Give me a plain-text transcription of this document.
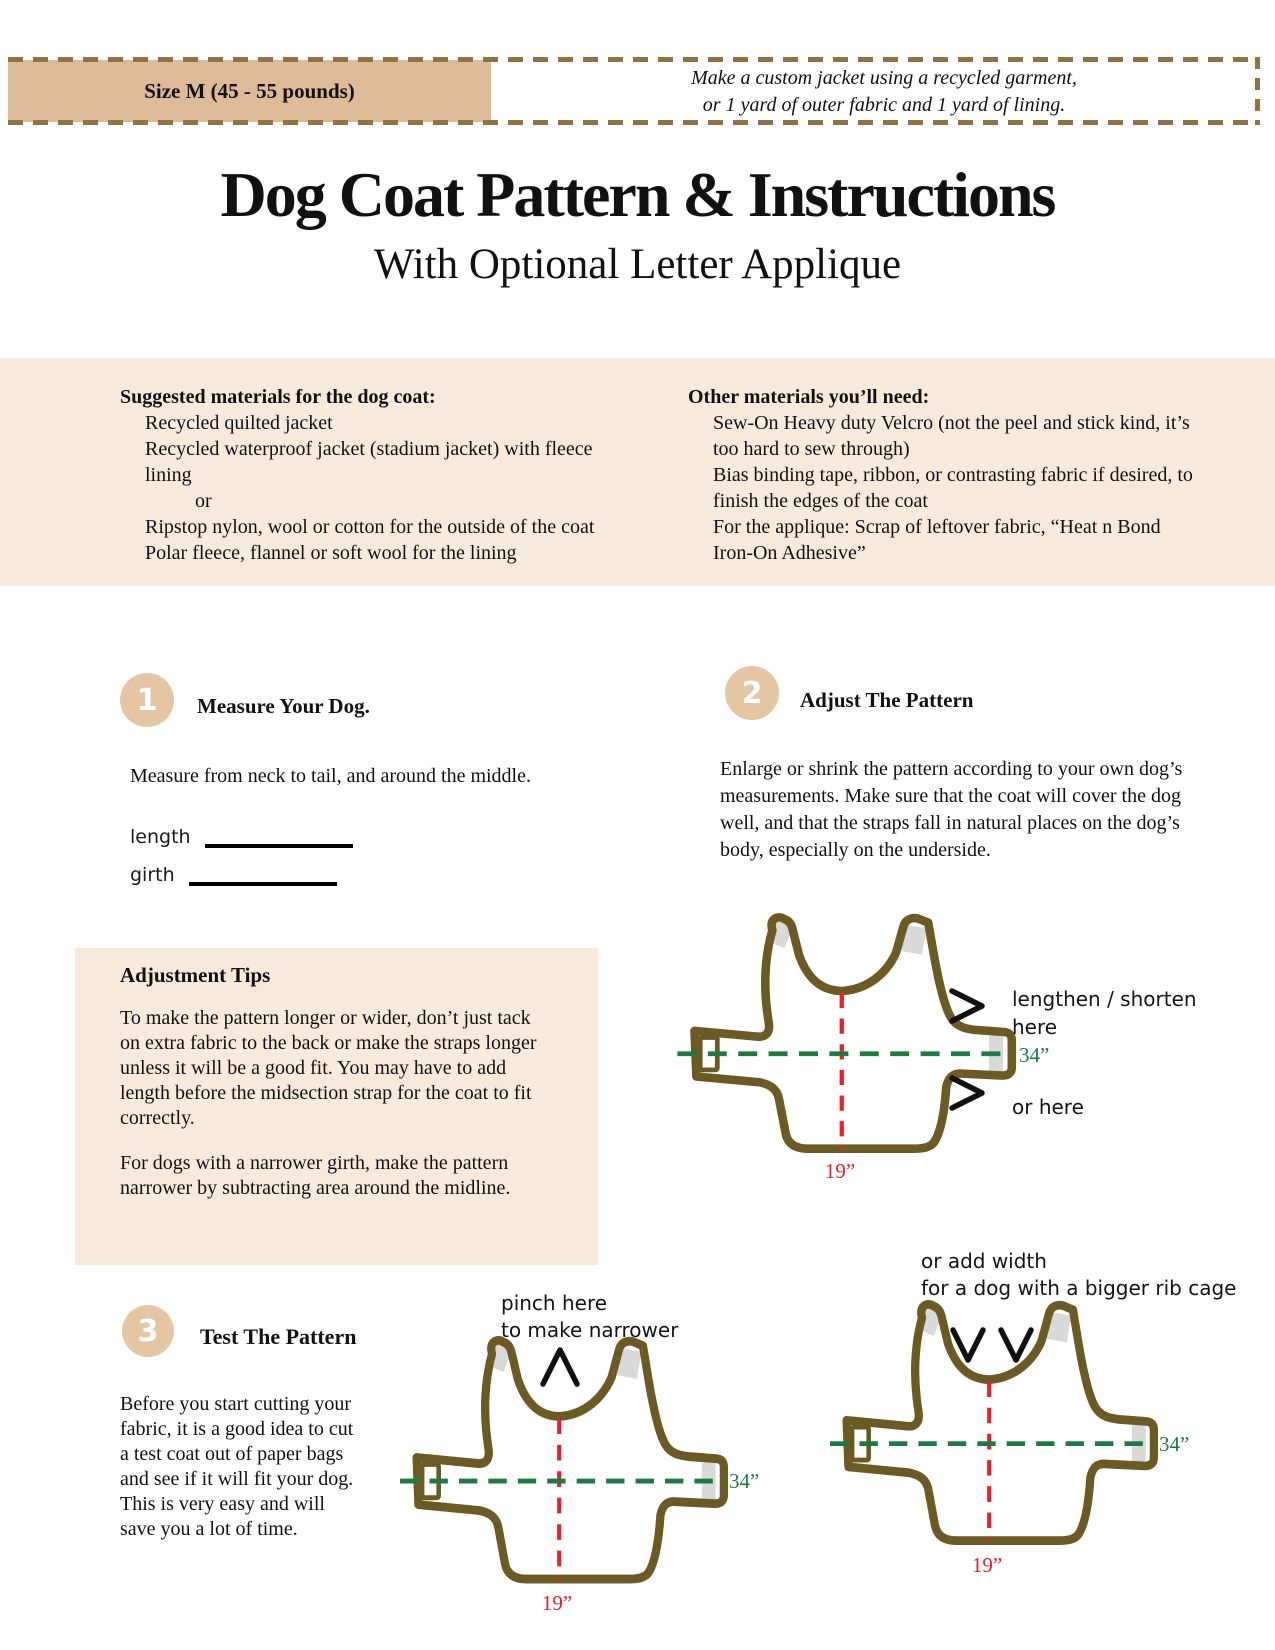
Size M (45 - 55 pounds)
Make a custom jacket using a recycled garment,
or 1 yard of outer fabric and 1 yard of lining.
Dog Coat Pattern & Instructions
With Optional Letter Applique
Suggested materials for the dog coat:
Recycled quilted jacket
Recycled waterproof jacket (stadium jacket) with fleece lining
or
Ripstop nylon, wool or cotton for the outside of the coat
Polar fleece, flannel or soft wool for the lining
Other materials you’ll need:
Sew-On Heavy duty Velcro (not the peel and stick kind, it’s too hard to sew through)
Bias binding tape, ribbon, or contrasting fabric if desired, to finish the edges of the coat
For the applique: Scrap of leftover fabric, “Heat n Bond Iron-On Adhesive”
1 Measure Your Dog.
Measure from neck to tail, and around the middle.
length
girth
2 Adjust The Pattern
Enlarge or shrink the pattern according to your own dog’s measurements. Make sure that the coat will cover the dog well, and that the straps fall in natural places on the dog’s body, especially on the underside.
Adjustment Tips
To make the pattern longer or wider, don’t just tack on extra fabric to the back or make the straps longer unless it will be a good fit. You may have to add length before the midsection strap for the coat to fit correctly.
For dogs with a narrower girth, make the pattern narrower by subtracting area around the midline.
3 Test The Pattern
Before you start cutting your fabric, it is a good idea to cut a test coat out of paper bags and see if it will fit your dog. This is very easy and will save you a lot of time.
lengthen / shorten
here
or here
34”
19”
pinch here
to make narrower
34”
19”
or add width
for a dog with a bigger rib cage
34”
19”
